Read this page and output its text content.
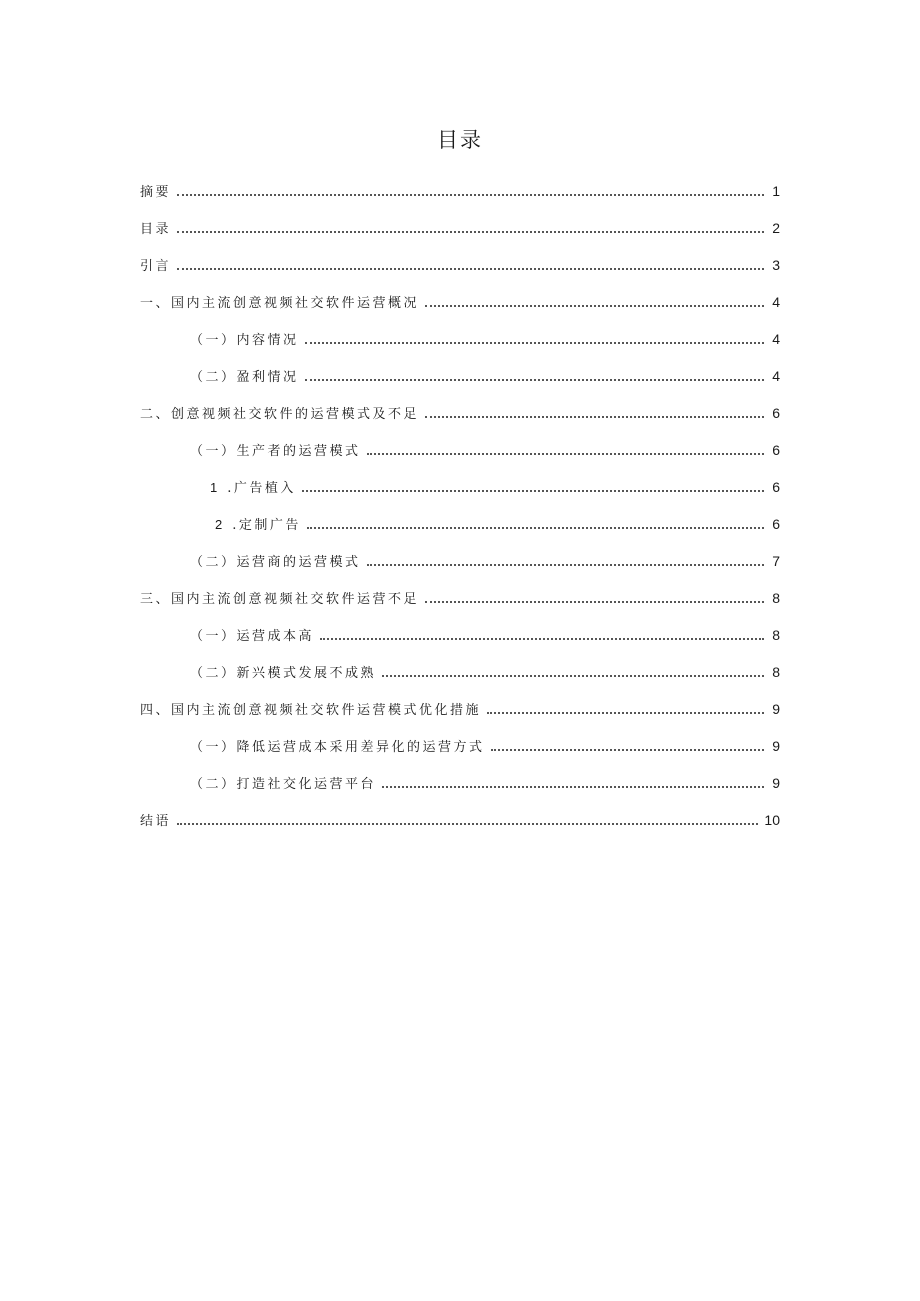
目录
摘要	1
目录	2
引言	3
一、国内主流创意视频社交软件运营概况	4
（一）内容情况	4
（二）盈利情况	4
二、创意视频社交软件的运营模式及不足	6
（一）生产者的运营模式	6
1 .广告植入	6
2 .定制广告	6
（二）运营商的运营模式	7
三、国内主流创意视频社交软件运营不足	8
（一）运营成本高	8
（二）新兴模式发展不成熟	8
四、国内主流创意视频社交软件运营模式优化措施	9
（一）降低运营成本采用差异化的运营方式	9
（二）打造社交化运营平台	9
结语	10
